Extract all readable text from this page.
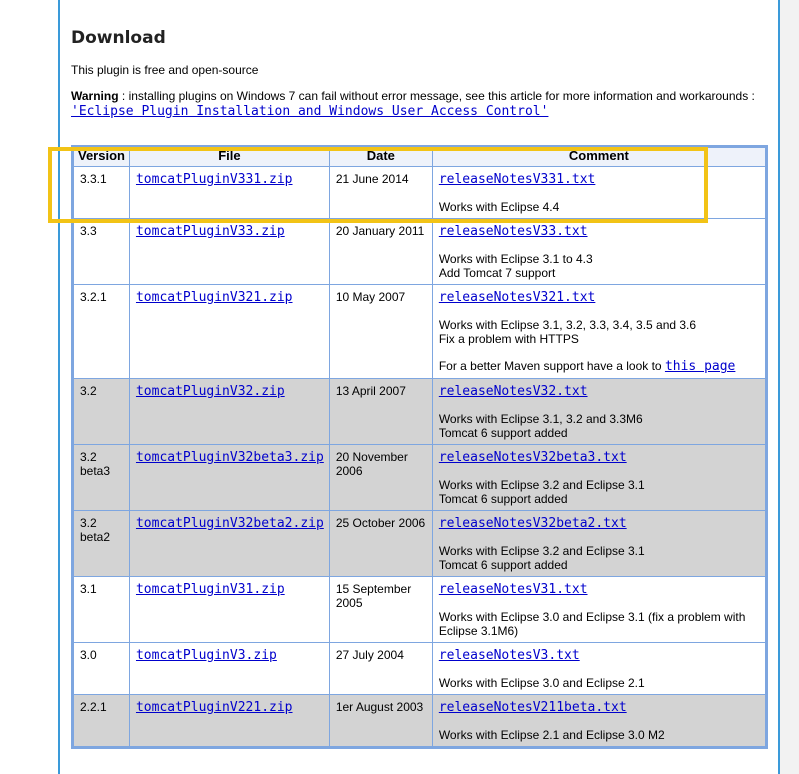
Download
This plugin is free and open-source
Warning : installing plugins on Windows 7 can fail without error message, see this article for more information and workarounds :
'Eclipse Plugin Installation and Windows User Access Control'
Version	File	Date	Comment
3.3.1	tomcatPluginV331.zip	21 June 2014	releaseNotesV331.txt
Works with Eclipse 4.4

3.3	tomcatPluginV33.zip	20 January 2011	releaseNotesV33.txt
Works with Eclipse 3.1 to 4.3
Add Tomcat 7 support

3.2.1	tomcatPluginV321.zip	10 May 2007	releaseNotesV321.txt
Works with Eclipse 3.1, 3.2, 3.3, 3.4, 3.5 and 3.6
Fix a problem with HTTPS
For a better Maven support have a look to this page

3.2	tomcatPluginV32.zip	13 April 2007	releaseNotesV32.txt
Works with Eclipse 3.1, 3.2 and 3.3M6
Tomcat 6 support added

3.2 beta3	tomcatPluginV32beta3.zip	20 November 2006	releaseNotesV32beta3.txt
Works with Eclipse 3.2 and Eclipse 3.1
Tomcat 6 support added

3.2 beta2	tomcatPluginV32beta2.zip	25 October 2006	releaseNotesV32beta2.txt
Works with Eclipse 3.2 and Eclipse 3.1
Tomcat 6 support added

3.1	tomcatPluginV31.zip	15 September 2005	releaseNotesV31.txt
Works with Eclipse 3.0 and Eclipse 3.1 (fix a problem with Eclipse 3.1M6)

3.0	tomcatPluginV3.zip	27 July 2004	releaseNotesV3.txt
Works with Eclipse 3.0 and Eclipse 2.1

2.2.1	tomcatPluginV221.zip	1er August 2003	releaseNotesV211beta.txt
Works with Eclipse 2.1 and Eclipse 3.0 M2
